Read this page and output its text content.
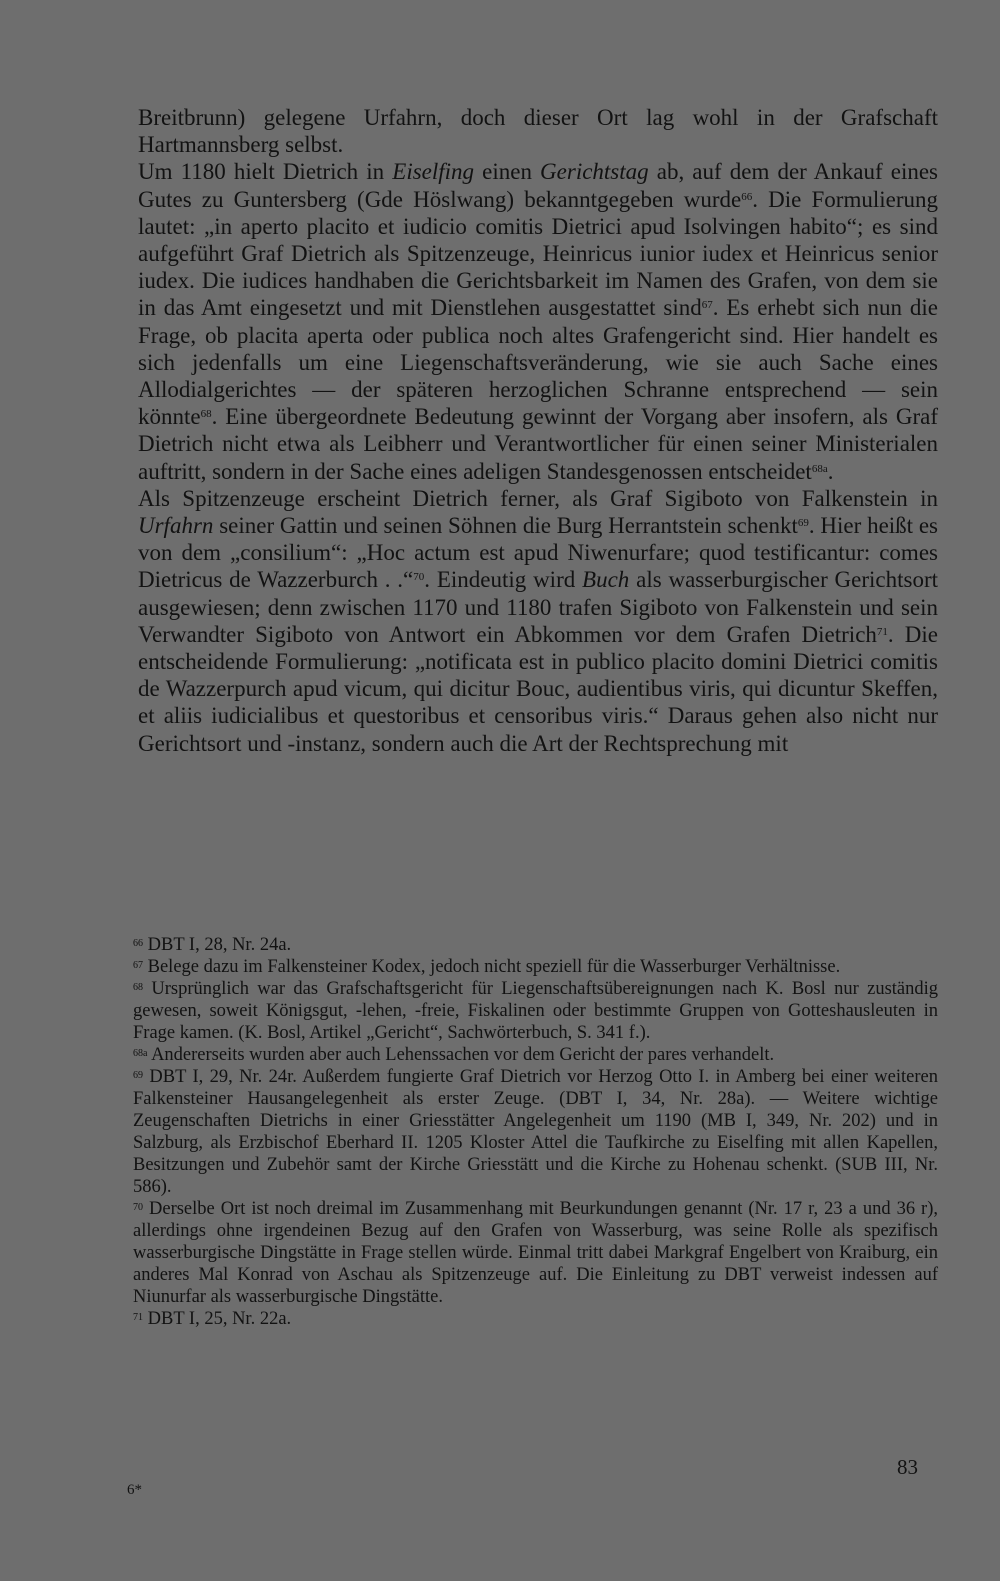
Breitbrunn) gelegene Urfahrn, doch dieser Ort lag wohl in der Grafschaft Hartmannsberg selbst.

Um 1180 hielt Dietrich in Eiselfing einen Gerichtstag ab, auf dem der Ankauf eines Gutes zu Guntersberg (Gde Höslwang) bekanntgegeben wurde$^{66}$. Die Formulierung lautet: „in aperto placito et iudicio comitis Dietrici apud Isolvingen habito“; es sind aufgeführt Graf Dietrich als Spitzenzeuge, Heinricus iunior iudex et Heinricus senior iudex. Die iudices handhaben die Gerichtsbarkeit im Namen des Grafen, von dem sie in das Amt eingesetzt und mit Dienstlehen ausgestattet sind$^{67}$. Es erhebt sich nun die Frage, ob placita aperta oder publica noch altes Grafengericht sind. Hier handelt es sich jedenfalls um eine Liegenschaftsveränderung, wie sie auch Sache eines Allodialgerichtes — der späteren herzoglichen Schranne entsprechend — sein könnte$^{68}$. Eine übergeordnete Bedeutung gewinnt der Vorgang aber insofern, als Graf Dietrich nicht etwa als Leibherr und Verantwortlicher für einen seiner Ministerialen auftritt, sondern in der Sache eines adeligen Standesgenossen entscheidet$^{68a}$.

Als Spitzenzeuge erscheint Dietrich ferner, als Graf Sigiboto von Falkenstein in Urfahrn seiner Gattin und seinen Söhnen die Burg Herrantstein schenkt$^{69}$. Hier heißt es von dem „consilium“: „Hoc actum est apud Niwenurfare; quod testificantur: comes Dietricus de Wazzerburch . .“$^{70}$. Eindeutig wird Buch als wasserburgischer Gerichtsort ausgewiesen; denn zwischen 1170 und 1180 trafen Sigiboto von Falkenstein und sein Verwandter Sigiboto von Antwort ein Abkommen vor dem Grafen Dietrich$^{71}$. Die entscheidende Formulierung: „notificata est in publico placito domini Dietrici comitis de Wazzerpurch apud vicum, qui dicitur Bouc, audientibus viris, qui dicuntur Skeffen, et aliis iudicialibus et questoribus et censoribus viris.“ Daraus gehen also nicht nur Gerichtsort und -instanz, sondern auch die Art der Rechtsprechung mit

$^{66}$ DBT I, 28, Nr. 24a.

$^{67}$ Belege dazu im Falkensteiner Kodex, jedoch nicht speziell für die Wasserburger Verhältnisse.

$^{68}$ Ursprünglich war das Grafschaftsgericht für Liegenschaftsübereignungen nach K. Bosl nur zuständig gewesen, soweit Königsgut, -lehen, -freie, Fiskalinen oder bestimmte Gruppen von Gotteshausleuten in Frage kamen. (K. Bosl, Artikel „Gericht“, Sachwörterbuch, S. 341 f.).

$^{68a}$ Andererseits wurden aber auch Lehenssachen vor dem Gericht der pares verhandelt.

$^{69}$ DBT I, 29, Nr. 24r. Außerdem fungierte Graf Dietrich vor Herzog Otto I. in Amberg bei einer weiteren Falkensteiner Hausangelegenheit als erster Zeuge. (DBT I, 34, Nr. 28a). — Weitere wichtige Zeugenschaften Dietrichs in einer Griesstätter Angelegenheit um 1190 (MB I, 349, Nr. 202) und in Salzburg, als Erzbischof Eberhard II. 1205 Kloster Attel die Taufkirche zu Eiselfing mit allen Kapellen, Besitzungen und Zubehör samt der Kirche Griesstätt und die Kirche zu Hohenau schenkt. (SUB III, Nr. 586).

$^{70}$ Derselbe Ort ist noch dreimal im Zusammenhang mit Beurkundungen genannt (Nr. 17 r, 23 a und 36 r), allerdings ohne irgendeinen Bezug auf den Grafen von Wasserburg, was seine Rolle als spezifisch wasserburgische Dingstätte in Frage stellen würde. Einmal tritt dabei Markgraf Engelbert von Kraiburg, ein anderes Mal Konrad von Aschau als Spitzenzeuge auf. Die Einleitung zu DBT verweist indessen auf Niunurfar als wasserburgische Dingstätte.

$^{71}$ DBT I, 25, Nr. 22a.

83
6*
